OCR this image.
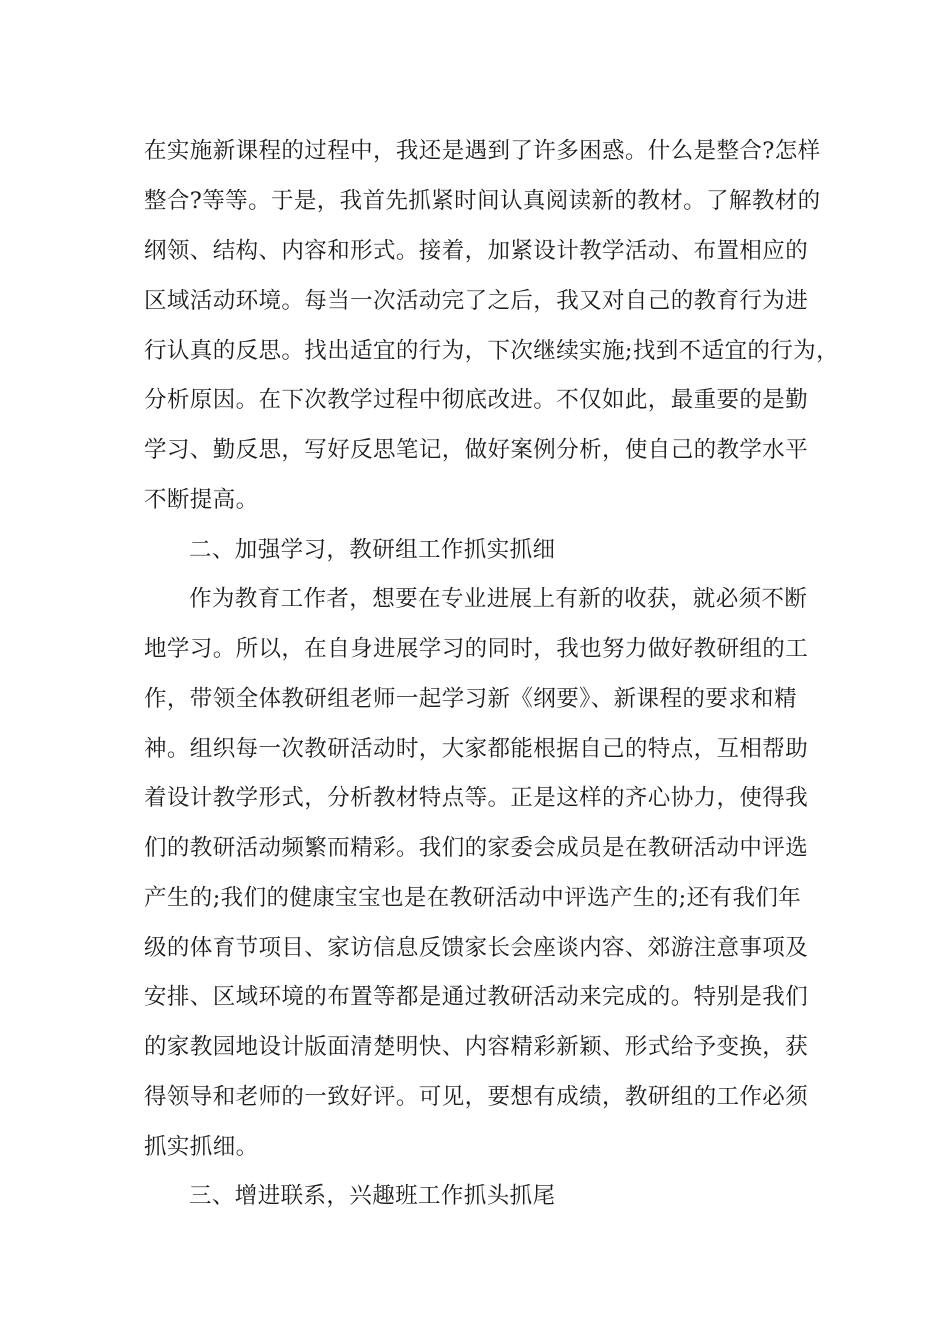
在实施新课程的过程中，我还是遇到了许多困惑。什么是整合?怎样
整合?等等。于是，我首先抓紧时间认真阅读新的教材。了解教材的
纲领、结构、内容和形式。接着，加紧设计教学活动、布置相应的
区域活动环境。每当一次活动完了之后，我又对自己的教育行为进
行认真的反思。找出适宜的行为，下次继续实施;找到不适宜的行为，
分析原因。在下次教学过程中彻底改进。不仅如此，最重要的是勤
学习、勤反思，写好反思笔记，做好案例分析，使自己的教学水平
不断提高。
二、加强学习，教研组工作抓实抓细
作为教育工作者，想要在专业进展上有新的收获，就必须不断
地学习。所以，在自身进展学习的同时，我也努力做好教研组的工
作，带领全体教研组老师一起学习新《纲要》、新课程的要求和精
神。组织每一次教研活动时，大家都能根据自己的特点，互相帮助
着设计教学形式，分析教材特点等。正是这样的齐心协力，使得我
们的教研活动频繁而精彩。我们的家委会成员是在教研活动中评选
产生的;我们的健康宝宝也是在教研活动中评选产生的;还有我们年
级的体育节项目、家访信息反馈家长会座谈内容、郊游注意事项及
安排、区域环境的布置等都是通过教研活动来完成的。特别是我们
的家教园地设计版面清楚明快、内容精彩新颖、形式给予变换，获
得领导和老师的一致好评。可见，要想有成绩，教研组的工作必须
抓实抓细。
三、增进联系，兴趣班工作抓头抓尾
